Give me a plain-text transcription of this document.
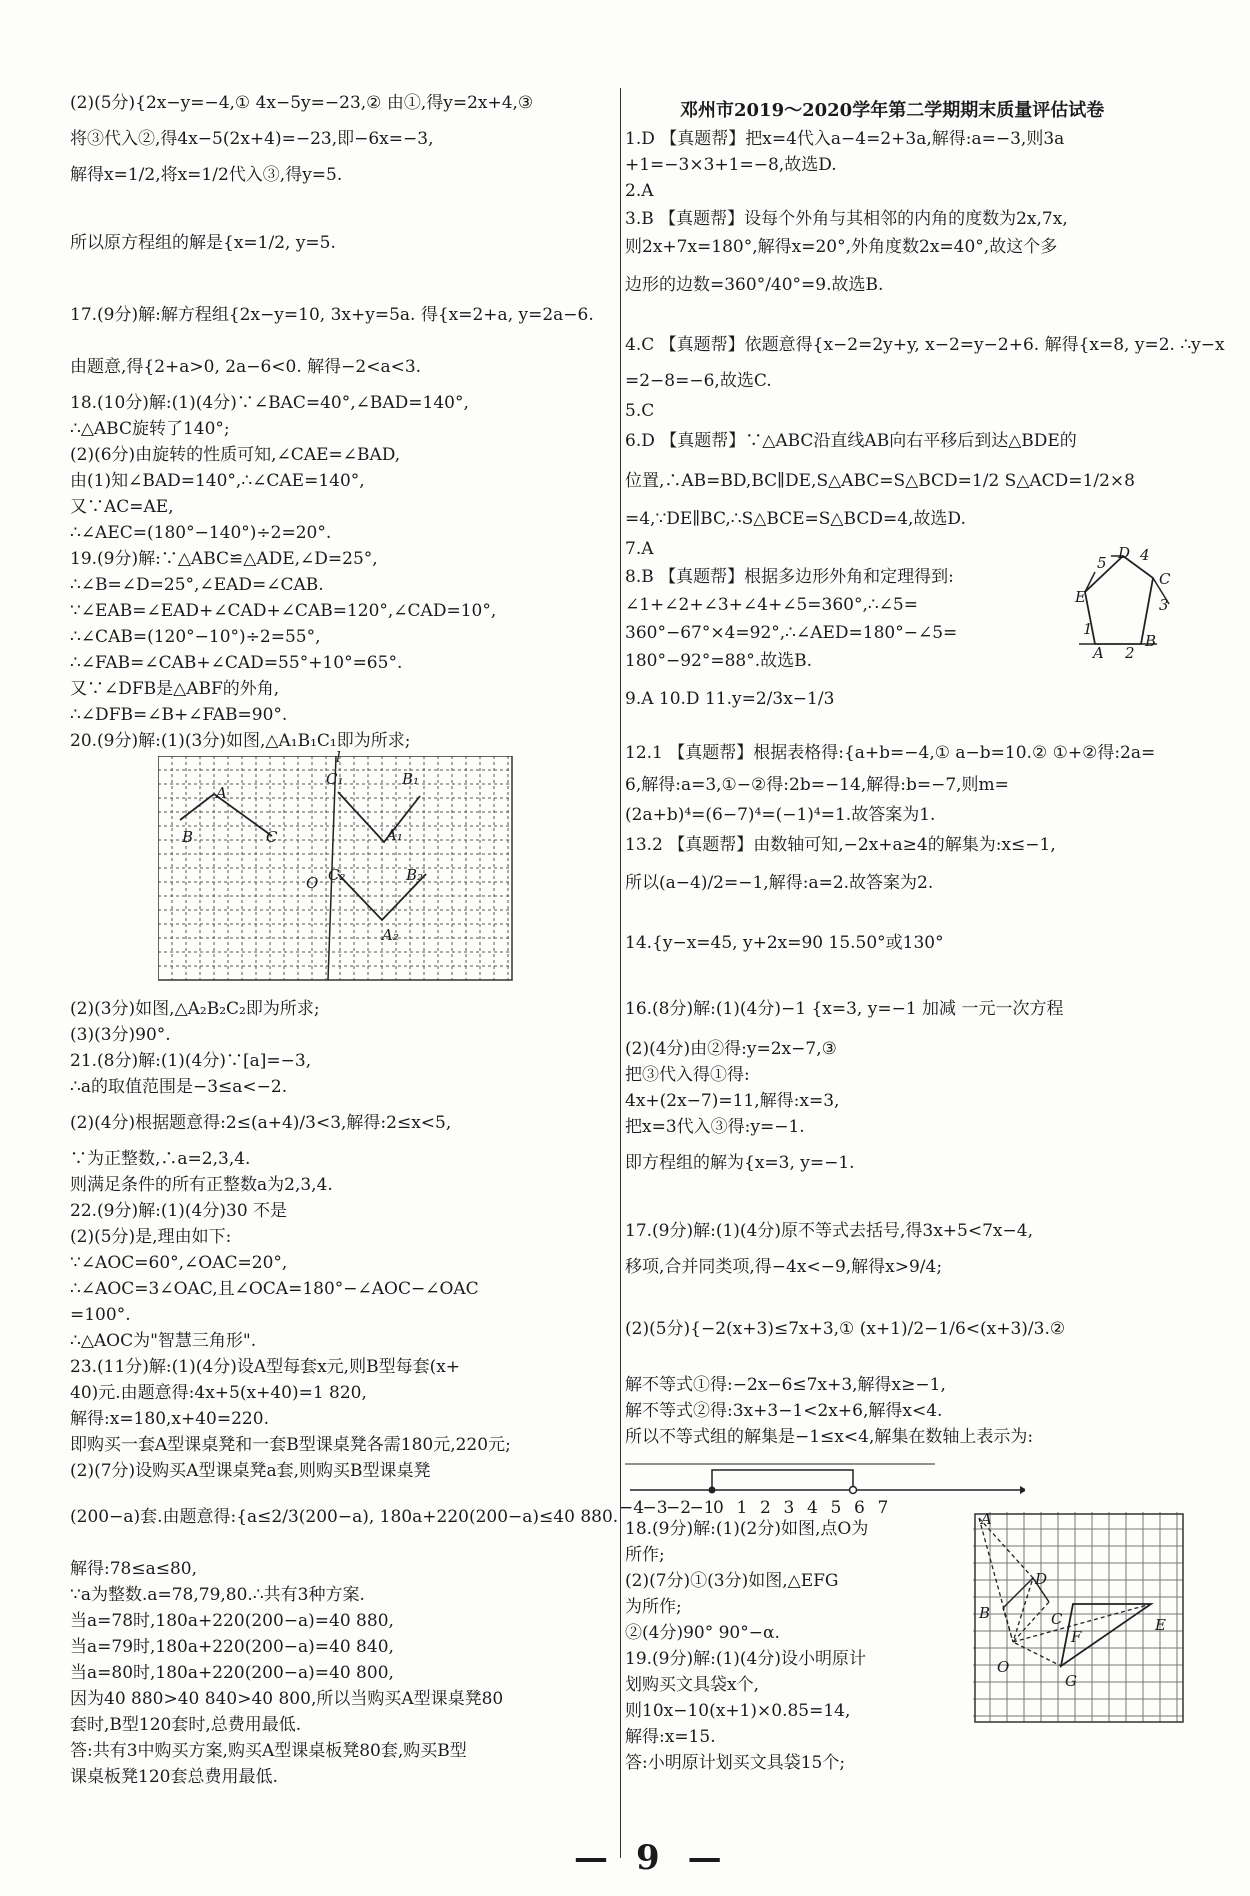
邓州市2019～2020学年第二学期期末质量评估试卷
(2)(5分){2x−y=−4,① 4x−5y=−23,② 由①,得y=2x+4,③
将③代入②,得4x−5(2x+4)=−23,即−6x=−3,
解得x=1/2,将x=1/2代入③,得y=5.
所以原方程组的解是{x=1/2, y=5.
17.(9分)解:解方程组{2x−y=10, 3x+y=5a. 得{x=2+a, y=2a−6.
由题意,得{2+a>0, 2a−6<0. 解得−2<a<3.
18.(10分)解:(1)(4分)∵∠BAC=40°,∠BAD=140°,
∴△ABC旋转了140°;
(2)(6分)由旋转的性质可知,∠CAE=∠BAD,
由(1)知∠BAD=140°,∴∠CAE=140°,
又∵AC=AE,
∴∠AEC=(180°−140°)÷2=20°.
19.(9分)解:∵△ABC≌△ADE,∠D=25°,
∴∠B=∠D=25°,∠EAD=∠CAB.
∵∠EAB=∠EAD+∠CAD+∠CAB=120°,∠CAD=10°,
∴∠CAB=(120°−10°)÷2=55°,
∴∠FAB=∠CAB+∠CAD=55°+10°=65°.
又∵∠DFB是△ABF的外角,
∴∠DFB=∠B+∠FAB=90°.
20.(9分)解:(1)(3分)如图,△A₁B₁C₁即为所求;
A
B	C
O
C₁	B₁
A₁
C₂	B₂
A₂
l
(2)(3分)如图,△A₂B₂C₂即为所求;
(3)(3分)90°.
21.(8分)解:(1)(4分)∵[a]=−3,
∴a的取值范围是−3≤a<−2.
(2)(4分)根据题意得:2≤(a+4)/3<3,解得:2≤x<5,
∵为正整数,∴a=2,3,4.
则满足条件的所有正整数a为2,3,4.
22.(9分)解:(1)(4分)30 不是
(2)(5分)是,理由如下:
∵∠AOC=60°,∠OAC=20°,
∴∠AOC=3∠OAC,且∠OCA=180°−∠AOC−∠OAC
=100°.
∴△AOC为"智慧三角形".
23.(11分)解:(1)(4分)设A型每套x元,则B型每套(x+
40)元.由题意得:4x+5(x+40)=1 820,
解得:x=180,x+40=220.
即购买一套A型课桌凳和一套B型课桌凳各需180元,220元;
(2)(7分)设购买A型课桌凳a套,则购买B型课桌凳
(200−a)套.由题意得:{a≤2/3(200−a), 180a+220(200−a)≤40 880.
解得:78≤a≤80,
∵a为整数.a=78,79,80.∴共有3种方案.
当a=78时,180a+220(200−a)=40 880,
当a=79时,180a+220(200−a)=40 840,
当a=80时,180a+220(200−a)=40 800,
因为40 880>40 840>40 800,所以当购买A型课桌凳80
套时,B型120套时,总费用最低.
答:共有3中购买方案,购买A型课桌板凳80套,购买B型
课桌板凳120套总费用最低.
1.D 【真题帮】把x=4代入a−4=2+3a,解得:a=−3,则3a
+1=−3×3+1=−8,故选D.
2.A
3.B 【真题帮】设每个外角与其相邻的内角的度数为2x,7x,
则2x+7x=180°,解得x=20°,外角度数2x=40°,故这个多
边形的边数=360°/40°=9.故选B.
4.C 【真题帮】依题意得{x−2=2y+y, x−2=y−2+6. 解得{x=8, y=2. ∴y−x
=2−8=−6,故选C.
5.C
6.D 【真题帮】∵△ABC沿直线AB向右平移后到达△BDE的
位置,∴AB=BD,BC∥DE,S△ABC=S△BCD=1/2 S△ACD=1/2×8
=4,∵DE∥BC,∴S△BCE=S△BCD=4,故选D.
7.A
8.B 【真题帮】根据多边形外角和定理得到:
∠1+∠2+∠3+∠4+∠5=360°,∴∠5=
360°−67°×4=92°,∴∠AED=180°−∠5=
180°−92°=88°.故选B.
D
C
E
B
A
5 4
3
2
1
9.A 10.D 11.y=2/3x−1/3
12.1 【真题帮】根据表格得:{a+b=−4,① a−b=10.② ①+②得:2a=
6,解得:a=3,①−②得:2b=−14,解得:b=−7,则m=
(2a+b)⁴=(6−7)⁴=(−1)⁴=1.故答案为1.
13.2 【真题帮】由数轴可知,−2x+a≥4的解集为:x≤−1,
所以(a−4)/2=−1,解得:a=2.故答案为2.
14.{y−x=45, y+2x=90 15.50°或130°
16.(8分)解:(1)(4分)−1 {x=3, y=−1 加减 一元一次方程
(2)(4分)由②得:y=2x−7,③
把③代入得①得:
4x+(2x−7)=11,解得:x=3,
把x=3代入③得:y=−1.
即方程组的解为{x=3, y=−1.
17.(9分)解:(1)(4分)原不等式去括号,得3x+5<7x−4,
移项,合并同类项,得−4x<−9,解得x>9/4;
(2)(5分){−2(x+3)≤7x+3,① (x+1)/2−1/6<(x+3)/3.②
解不等式①得:−2x−6≤7x+3,解得x≥−1,
解不等式②得:3x+3−1<2x+6,解得x<4.
所以不等式组的解集是−1≤x<4,解集在数轴上表示为:
−4
−3
−2
−1
0 1 2 3 4 5 6 7
18.(9分)解:(1)(2分)如图,点O为
所作;
(2)(7分)①(3分)如图,△EFG
为所作;
②(4分)90° 90°−α.
19.(9分)解:(1)(4分)设小明原计
划购买文具袋x个,
则10x−10(x+1)×0.85=14,
解得:x=15.
答:小明原计划买文具袋15个;
A
D
C
B
F
E
O
G
— 9 —
